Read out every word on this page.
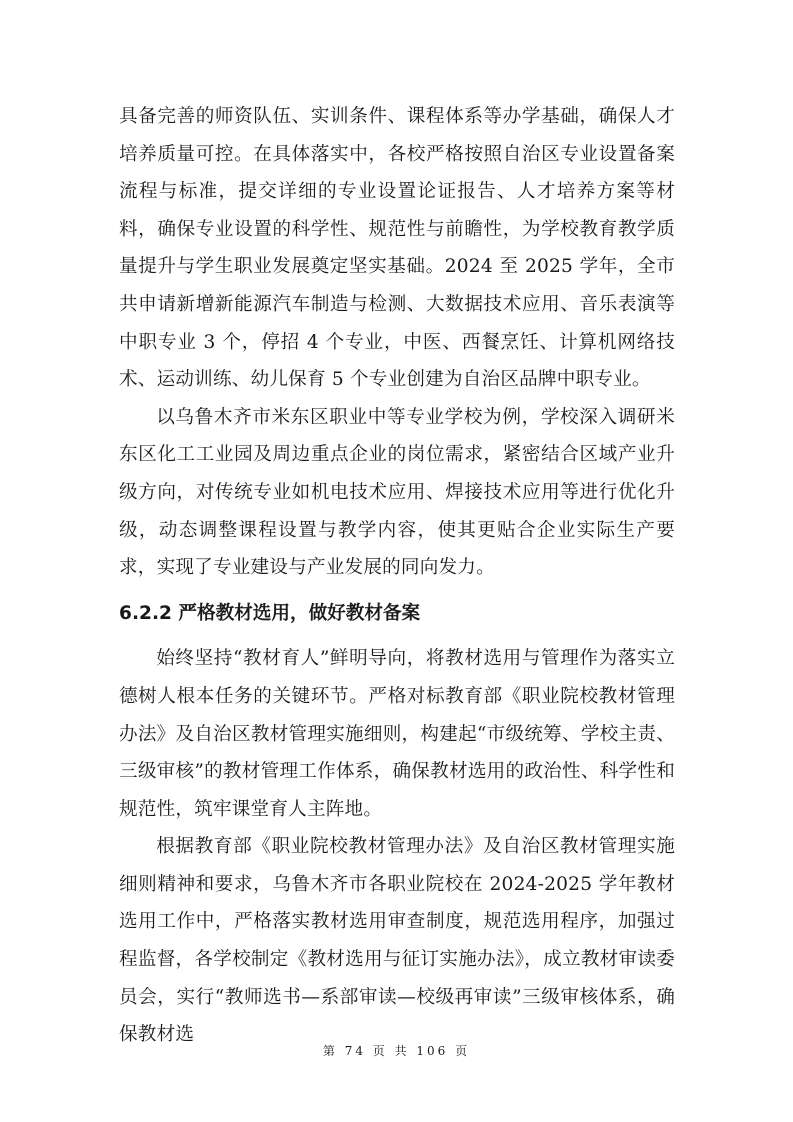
具备完善的师资队伍、实训条件、课程体系等办学基础，确保人才培养质量可控。在具体落实中，各校严格按照自治区专业设置备案流程与标准，提交详细的专业设置论证报告、人才培养方案等材料，确保专业设置的科学性、规范性与前瞻性，为学校教育教学质量提升与学生职业发展奠定坚实基础。2024 至 2025 学年，全市共申请新增新能源汽车制造与检测、大数据技术应用、音乐表演等中职专业 3 个，停招 4 个专业，中医、西餐烹饪、计算机网络技术、运动训练、幼儿保育 5 个专业创建为自治区品牌中职专业。

以乌鲁木齐市米东区职业中等专业学校为例，学校深入调研米东区化工工业园及周边重点企业的岗位需求，紧密结合区域产业升级方向，对传统专业如机电技术应用、焊接技术应用等进行优化升级，动态调整课程设置与教学内容，使其更贴合企业实际生产要求，实现了专业建设与产业发展的同向发力。

6.2.2 严格教材选用，做好教材备案

始终坚持“教材育人”鲜明导向，将教材选用与管理作为落实立德树人根本任务的关键环节。严格对标教育部《职业院校教材管理办法》及自治区教材管理实施细则，构建起“市级统筹、学校主责、三级审核”的教材管理工作体系，确保教材选用的政治性、科学性和规范性，筑牢课堂育人主阵地。

根据教育部《职业院校教材管理办法》及自治区教材管理实施细则精神和要求，乌鲁木齐市各职业院校在 2024-2025 学年教材选用工作中，严格落实教材选用审查制度，规范选用程序，加强过程监督，各学校制定《教材选用与征订实施办法》，成立教材审读委员会，实行“教师选书—系部审读—校级再审读”三级审核体系，确保教材选

第 74 页 共 106 页
